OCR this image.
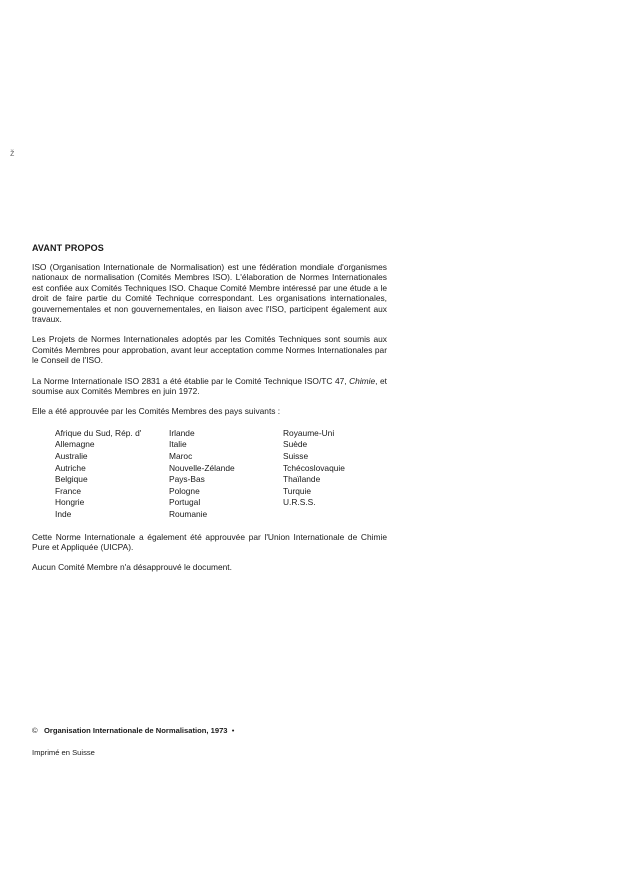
ž
AVANT PROPOS

ISO (Organisation Internationale de Normalisation) est une fédération mondiale d'organismes nationaux de normalisation (Comités Membres ISO). L'élaboration de Normes Internationales est confiée aux Comités Techniques ISO. Chaque Comité Membre intéressé par une étude a le droit de faire partie du Comité Technique correspondant. Les organisations internationales, gouvernementales et non gouvernementales, en liaison avec l'ISO, participent également aux travaux.

Les Projets de Normes Internationales adoptés par les Comités Techniques sont soumis aux Comités Membres pour approbation, avant leur acceptation comme Normes Internationales par le Conseil de l'ISO.

La Norme Internationale ISO 2831 a été établie par le Comité Technique ISO/TC 47, Chimie, et soumise aux Comités Membres en juin 1972.

Elle a été approuvée par les Comités Membres des pays suivants :

Afrique du Sud, Rép. d'
Allemagne
Australie
Autriche
Belgique
France
Hongrie
Inde
Irlande
Italie
Maroc
Nouvelle-Zélande
Pays-Bas
Pologne
Portugal
Roumanie
Royaume-Uni
Suède
Suisse
Tchécoslovaquie
Thaïlande
Turquie
U.R.S.S.

Cette Norme Internationale a également été approuvée par l'Union Internationale de Chimie Pure et Appliquée (UICPA).

Aucun Comité Membre n'a désapprouvé le document.

© Organisation Internationale de Normalisation, 1973 •

Imprimé en Suisse
